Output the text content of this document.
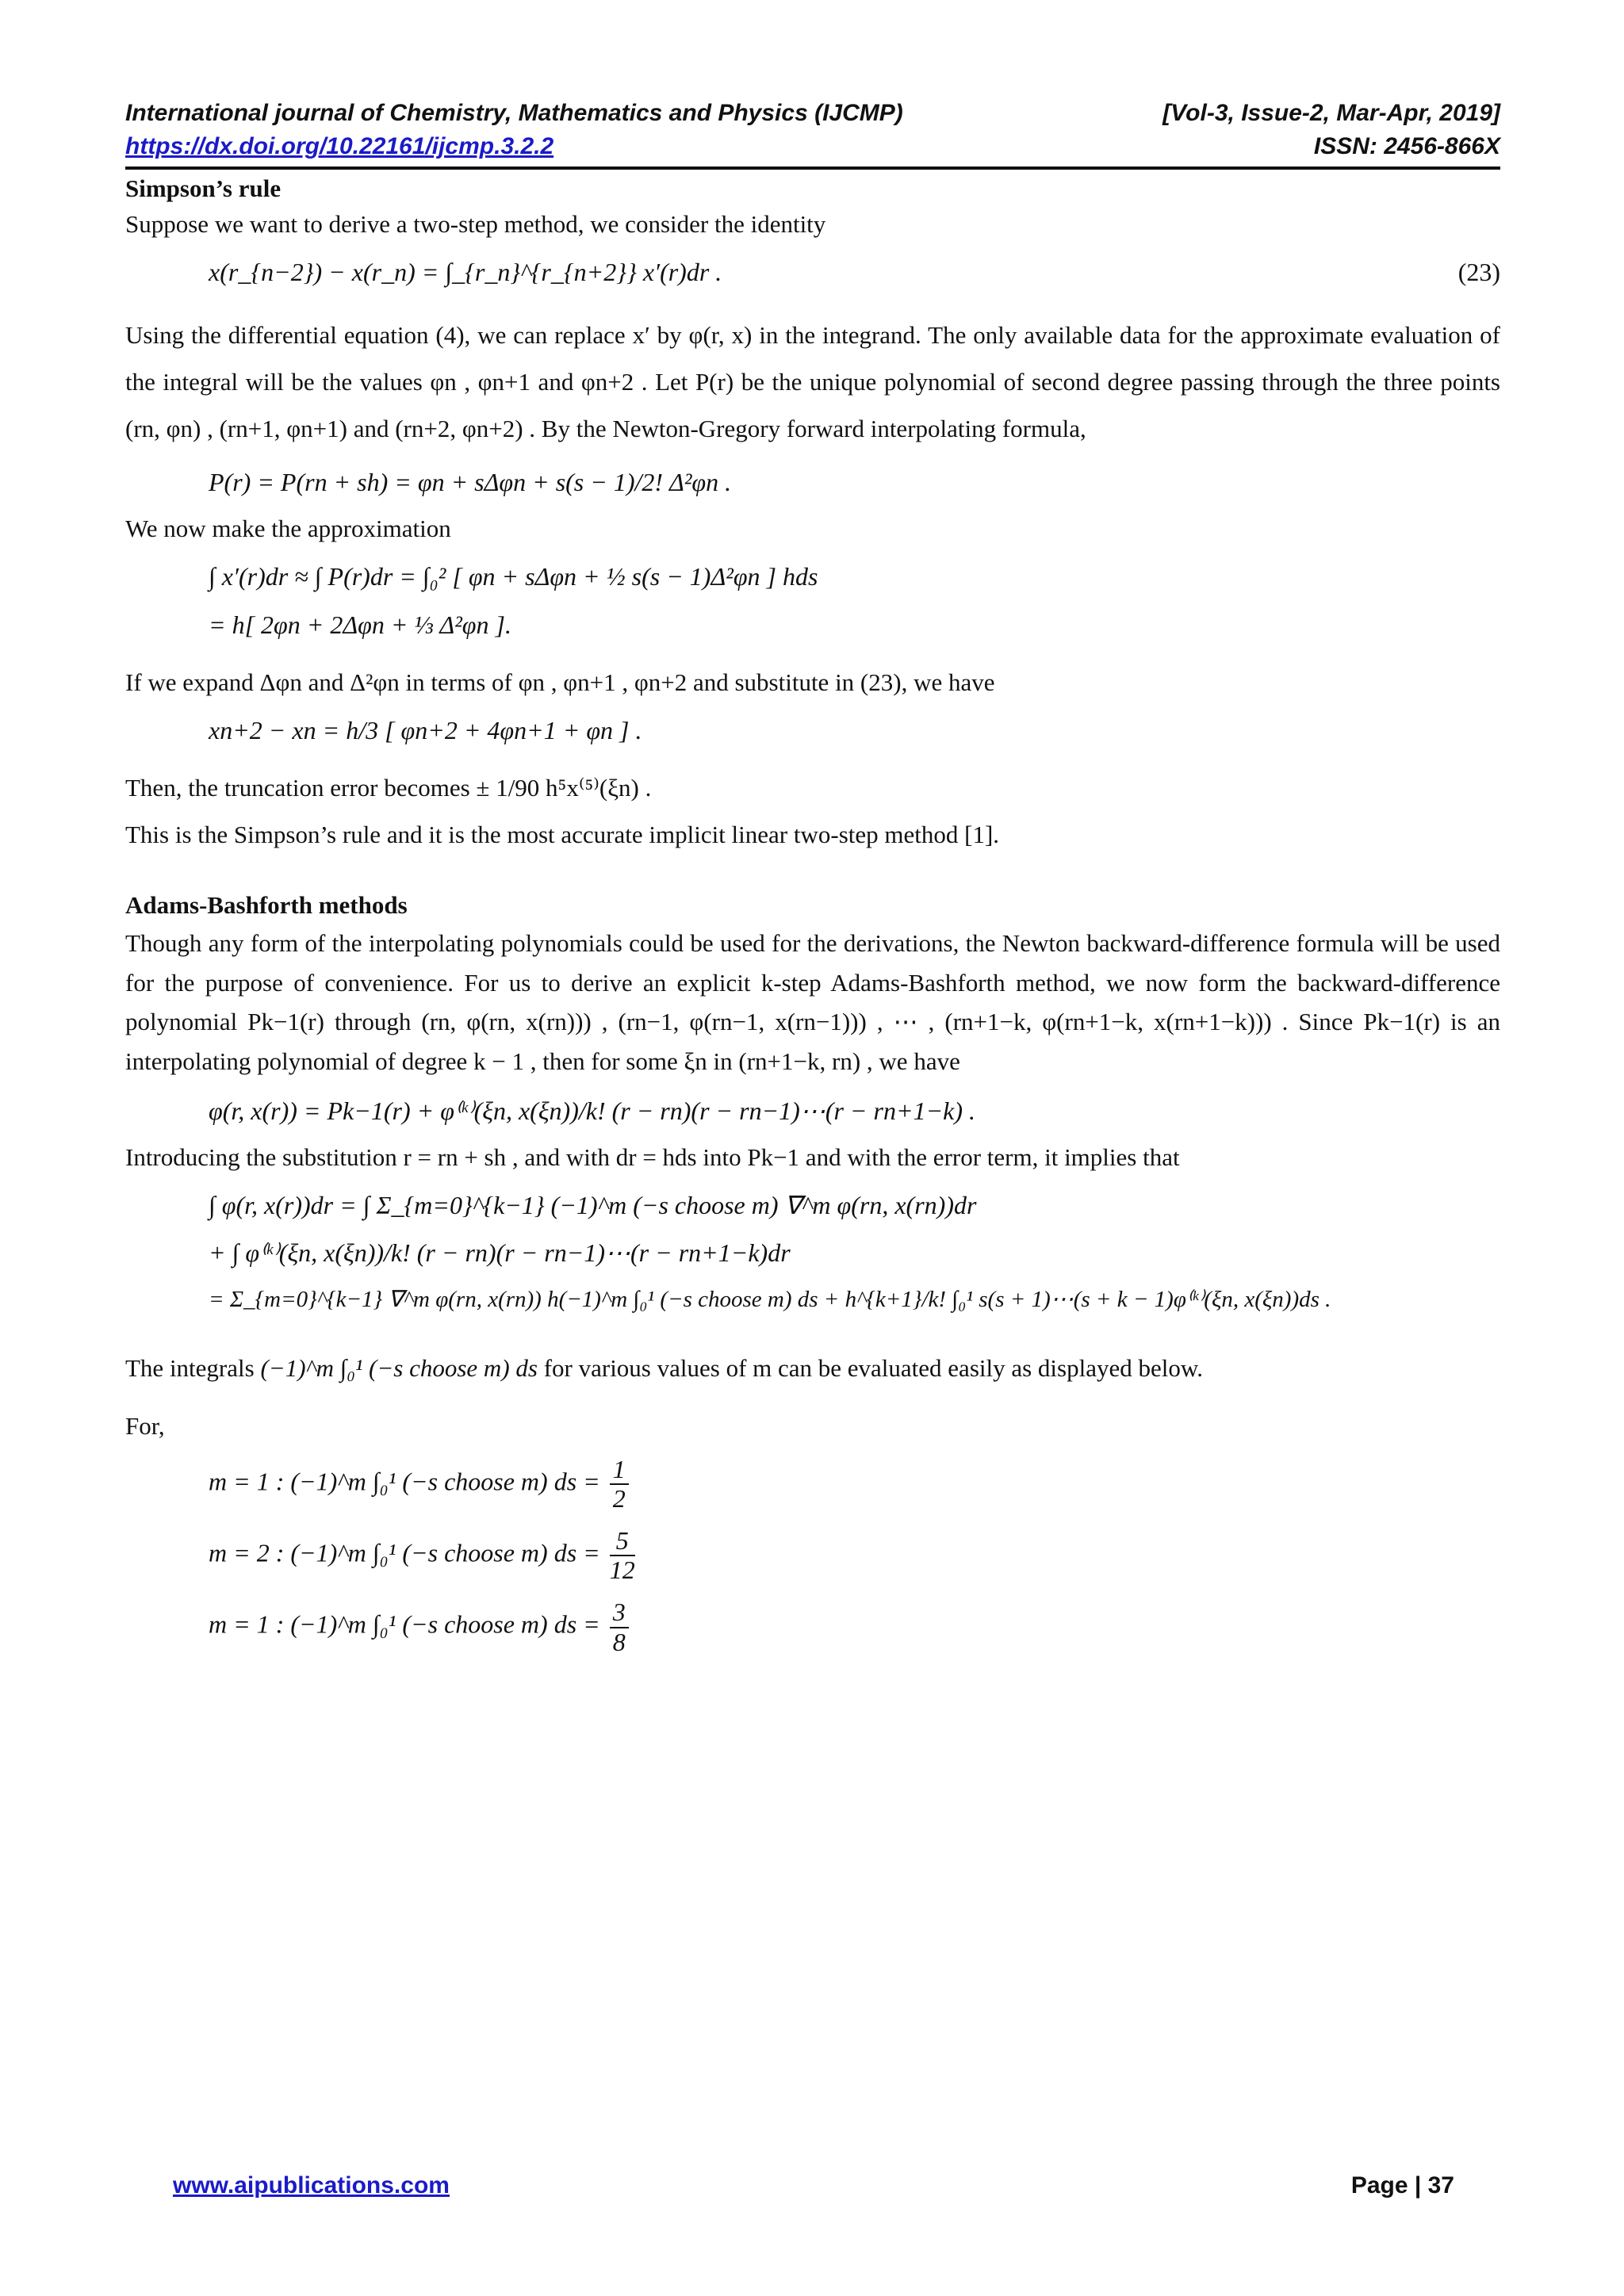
International journal of Chemistry, Mathematics and Physics (IJCMP)	[Vol-3, Issue-2, Mar-Apr, 2019]
https://dx.doi.org/10.22161/ijcmp.3.2.2	ISSN: 2456-866X
Simpson’s rule

Suppose we want to derive a two-step method, we consider the identity

x(r_{n−2}) − x(r_n) = ∫_{r_n}^{r_{n+2}} x′(r)dr .	(23)

Using the differential equation (4), we can replace x′ by φ(r, x) in the integrand. The only available data for the approximate evaluation of the integral will be the values φn , φn+1 and φn+2 . Let P(r) be the unique polynomial of second degree passing through the three points (rn, φn) , (rn+1, φn+1) and (rn+2, φn+2) . By the Newton-Gregory forward interpolating formula,

P(r) = P(rn + sh) = φn + sΔφn + s(s − 1)/2! Δ²φn .

We now make the approximation

∫ x′(r)dr ≈ ∫ P(r)dr = ∫₀² [ φn + sΔφn + ½ s(s − 1)Δ²φn ] hds
= h[ 2φn + 2Δφn + ⅓ Δ²φn ].

If we expand Δφn and Δ²φn in terms of φn , φn+1 , φn+2 and substitute in (23), we have

xn+2 − xn = h/3 [ φn+2 + 4φn+1 + φn ] .

Then, the truncation error becomes ± 1/90 h⁵x⁽⁵⁾(ξn) .

This is the Simpson’s rule and it is the most accurate implicit linear two-step method [1].

Adams-Bashforth methods

Though any form of the interpolating polynomials could be used for the derivations, the Newton backward-difference formula will be used for the purpose of convenience. For us to derive an explicit k-step Adams-Bashforth method, we now form the backward-difference polynomial Pk−1(r) through (rn, φ(rn, x(rn))) , (rn−1, φ(rn−1, x(rn−1))) , ⋯ , (rn+1−k, φ(rn+1−k, x(rn+1−k))) . Since Pk−1(r) is an interpolating polynomial of degree k − 1 , then for some ξn in (rn+1−k, rn) , we have

φ(r, x(r)) = Pk−1(r) + φ⁽ᵏ⁾(ξn, x(ξn))/k! (r − rn)(r − rn−1)⋯(r − rn+1−k) .

Introducing the substitution r = rn + sh , and with dr = hds into Pk−1 and with the error term, it implies that

∫ φ(r, x(r))dr = ∫ Σ_{m=0}^{k−1} (−1)^m (−s choose m) ∇^m φ(rn, x(rn))dr
+ ∫ φ⁽ᵏ⁾(ξn, x(ξn))/k! (r − rn)(r − rn−1)⋯(r − rn+1−k)dr
= Σ_{m=0}^{k−1} ∇^m φ(rn, x(rn)) h(−1)^m ∫₀¹ (−s choose m) ds + h^{k+1}/k! ∫₀¹ s(s + 1)⋯(s + k − 1)φ⁽ᵏ⁾(ξn, x(ξn))ds .

The integrals (−1)^m ∫₀¹ (−s choose m) ds for various values of m can be evaluated easily as displayed below.

For,

m = 1 : (−1)^m ∫₀¹ (−s choose m) ds = $\frac{1}{2}$
m = 2 : (−1)^m ∫₀¹ (−s choose m) ds = $\frac{5}{12}$
m = 1 : (−1)^m ∫₀¹ (−s choose m) ds = $\frac{3}{8}$
www.aipublications.com	Page | 37
